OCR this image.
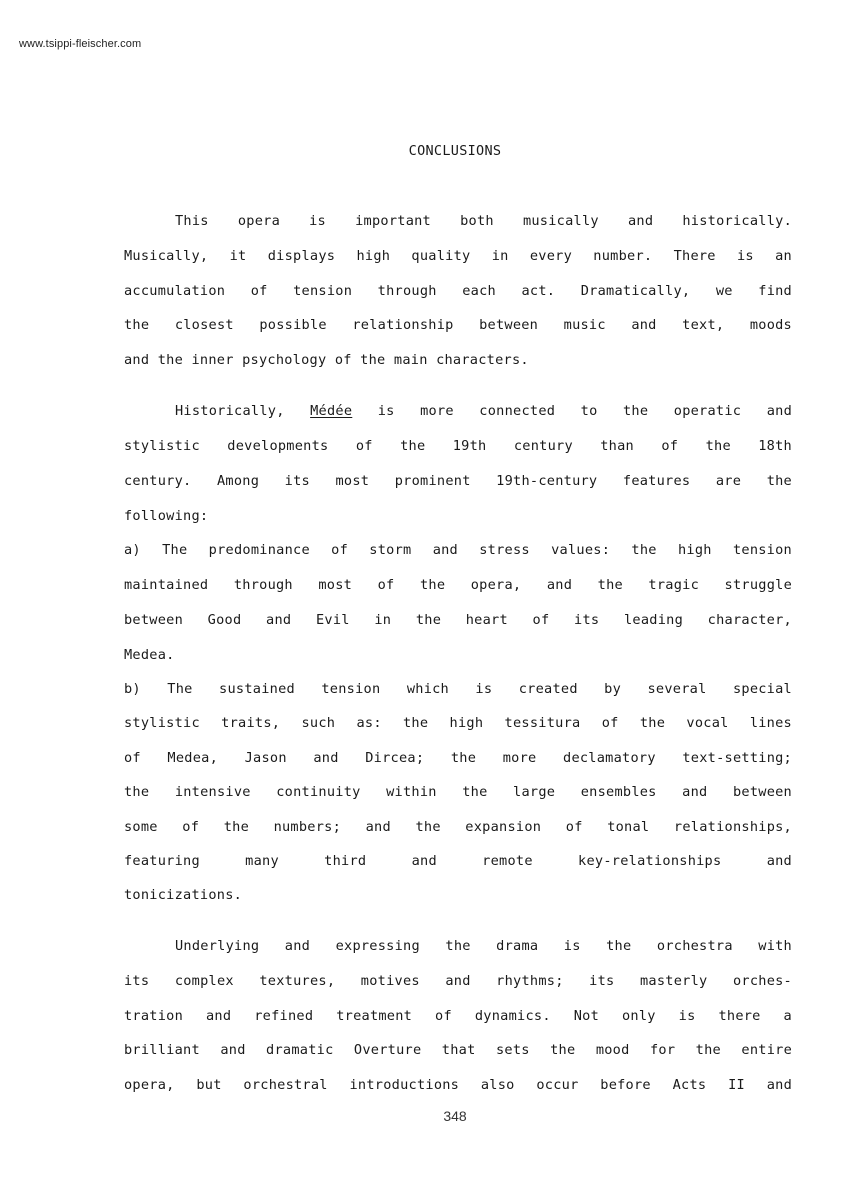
www.tsippi-fleischer.com
CONCLUSIONS
This opera is important both musically and historically.
Musically, it displays high quality in every number. There is an
accumulation of tension through each act. Dramatically, we find
the closest possible relationship between music and text, moods
and the inner psychology of the main characters.
Historically, Médée is more connected to the operatic and
stylistic developments of the 19th century than of the 18th
century. Among its most prominent 19th-century features are the
following:
a) The predominance of storm and stress values: the high tension
maintained through most of the opera, and the tragic struggle
between Good and Evil in the heart of its leading character,
Medea.
b) The sustained tension which is created by several special
stylistic traits, such as: the high tessitura of the vocal lines
of Medea, Jason and Dircea; the more declamatory text-setting;
the intensive continuity within the large ensembles and between
some of the numbers; and the expansion of tonal relationships,
featuring many third and remote key-relationships and
tonicizations.
Underlying and expressing the drama is the orchestra with
its complex textures, motives and rhythms; its masterly orches-
tration and refined treatment of dynamics. Not only is there a
brilliant and dramatic Overture that sets the mood for the entire
opera, but orchestral introductions also occur before Acts II and
348
